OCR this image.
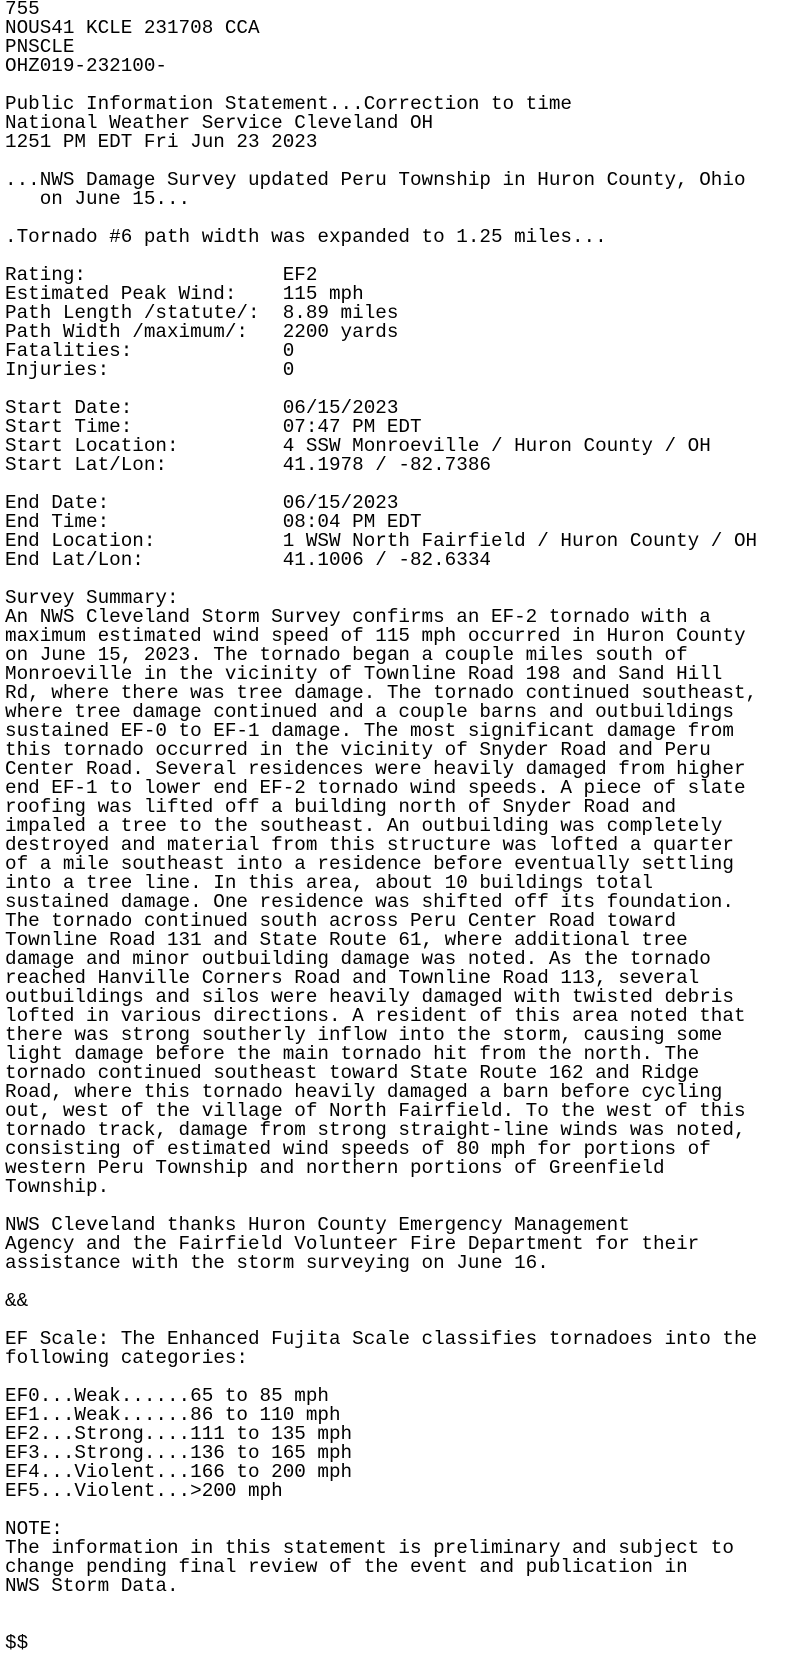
755
NOUS41 KCLE 231708 CCA
PNSCLE
OHZ019-232100-
Public Information Statement...Correction to time
National Weather Service Cleveland OH
1251 PM EDT Fri Jun 23 2023
...NWS Damage Survey updated Peru Township in Huron County, Ohio
on June 15...
.Tornado #6 path width was expanded to 1.25 miles...
Rating:                 EF2
Estimated Peak Wind:    115 mph
Path Length /statute/:  8.89 miles
Path Width /maximum/:   2200 yards
Fatalities:             0
Injuries:               0
Start Date:             06/15/2023
Start Time:             07:47 PM EDT
Start Location:         4 SSW Monroeville / Huron County / OH
Start Lat/Lon:          41.1978 / -82.7386
End Date:               06/15/2023
End Time:               08:04 PM EDT
End Location:           1 WSW North Fairfield / Huron County / OH
End Lat/Lon:            41.1006 / -82.6334
Survey Summary:
An NWS Cleveland Storm Survey confirms an EF-2 tornado with a
maximum estimated wind speed of 115 mph occurred in Huron County
on June 15, 2023. The tornado began a couple miles south of
Monroeville in the vicinity of Townline Road 198 and Sand Hill
Rd, where there was tree damage. The tornado continued southeast,
where tree damage continued and a couple barns and outbuildings
sustained EF-0 to EF-1 damage. The most significant damage from
this tornado occurred in the vicinity of Snyder Road and Peru
Center Road. Several residences were heavily damaged from higher
end EF-1 to lower end EF-2 tornado wind speeds. A piece of slate
roofing was lifted off a building north of Snyder Road and
impaled a tree to the southeast. An outbuilding was completely
destroyed and material from this structure was lofted a quarter
of a mile southeast into a residence before eventually settling
into a tree line. In this area, about 10 buildings total
sustained damage. One residence was shifted off its foundation.
The tornado continued south across Peru Center Road toward
Townline Road 131 and State Route 61, where additional tree
damage and minor outbuilding damage was noted. As the tornado
reached Hanville Corners Road and Townline Road 113, several
outbuildings and silos were heavily damaged with twisted debris
lofted in various directions. A resident of this area noted that
there was strong southerly inflow into the storm, causing some
light damage before the main tornado hit from the north. The
tornado continued southeast toward State Route 162 and Ridge
Road, where this tornado heavily damaged a barn before cycling
out, west of the village of North Fairfield. To the west of this
tornado track, damage from strong straight-line winds was noted,
consisting of estimated wind speeds of 80 mph for portions of
western Peru Township and northern portions of Greenfield
Township.
NWS Cleveland thanks Huron County Emergency Management
Agency and the Fairfield Volunteer Fire Department for their
assistance with the storm surveying on June 16.
&&
EF Scale: The Enhanced Fujita Scale classifies tornadoes into the
following categories:
EF0...Weak......65 to 85 mph
EF1...Weak......86 to 110 mph
EF2...Strong....111 to 135 mph
EF3...Strong....136 to 165 mph
EF4...Violent...166 to 200 mph
EF5...Violent...>200 mph
NOTE:
The information in this statement is preliminary and subject to
change pending final review of the event and publication in
NWS Storm Data.
$$
